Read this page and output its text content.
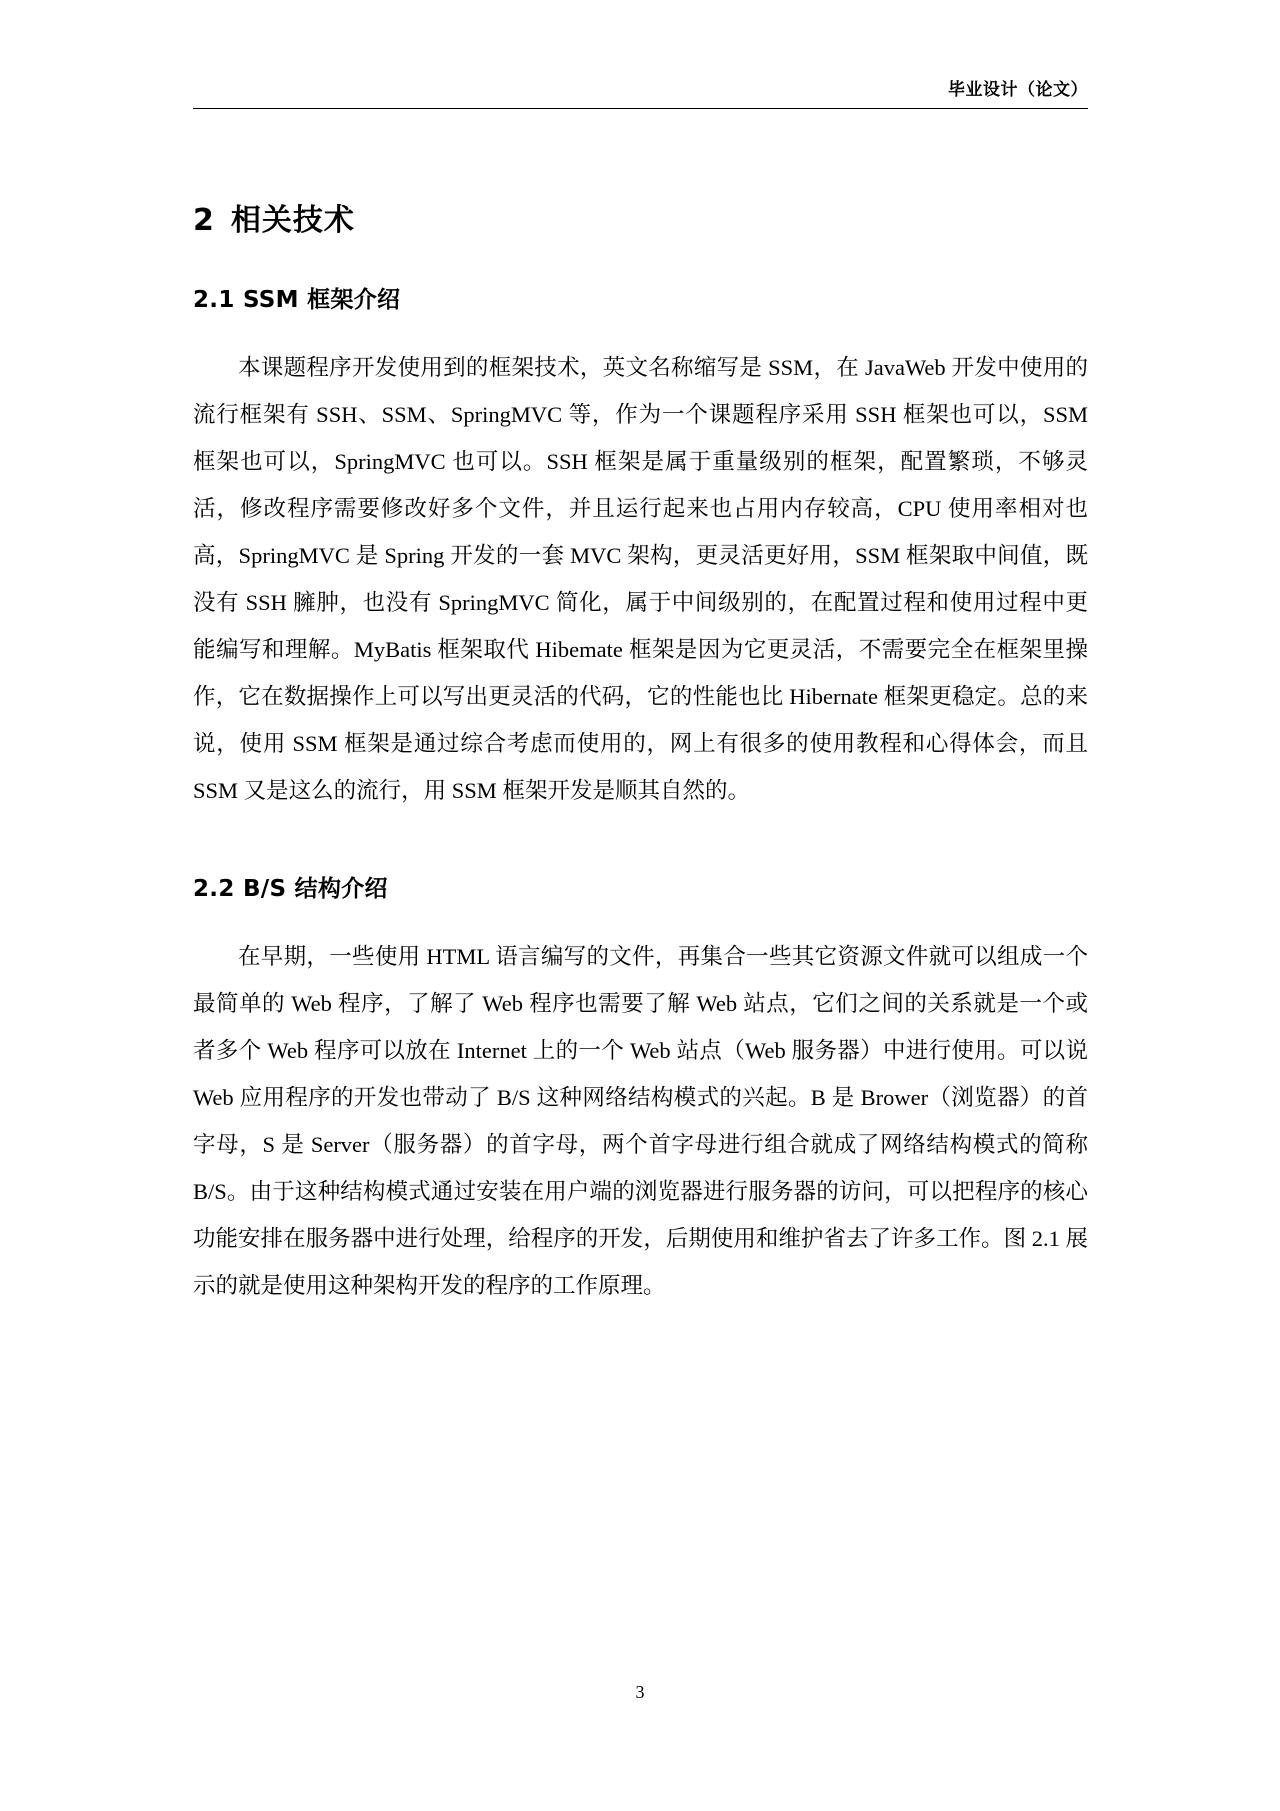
毕业设计（论文）
2 相关技术
2.1 SSM 框架介绍

本课题程序开发使用到的框架技术，英文名称缩写是 SSM，在 JavaWeb 开发中使用的流行框架有 SSH、SSM、SpringMVC 等，作为一个课题程序采用 SSH 框架也可以，SSM 框架也可以，SpringMVC 也可以。SSH 框架是属于重量级别的框架，配置繁琐，不够灵活，修改程序需要修改好多个文件，并且运行起来也占用内存较高，CPU 使用率相对也高，SpringMVC 是 Spring 开发的一套 MVC 架构，更灵活更好用，SSM 框架取中间值，既没有 SSH 臃肿，也没有 SpringMVC 简化，属于中间级别的，在配置过程和使用过程中更能编写和理解。MyBatis 框架取代 Hibemate 框架是因为它更灵活，不需要完全在框架里操作，它在数据操作上可以写出更灵活的代码，它的性能也比 Hibernate 框架更稳定。总的来说，使用 SSM 框架是通过综合考虑而使用的，网上有很多的使用教程和心得体会，而且 SSM 又是这么的流行，用 SSM 框架开发是顺其自然的。

2.2 B/S 结构介绍

在早期，一些使用 HTML 语言编写的文件，再集合一些其它资源文件就可以组成一个最简单的 Web 程序，了解了 Web 程序也需要了解 Web 站点，它们之间的关系就是一个或者多个 Web 程序可以放在 Internet 上的一个 Web 站点（Web 服务器）中进行使用。可以说 Web 应用程序的开发也带动了 B/S 这种网络结构模式的兴起。B 是 Brower（浏览器）的首字母，S 是 Server（服务器）的首字母，两个首字母进行组合就成了网络结构模式的简称 B/S。由于这种结构模式通过安装在用户端的浏览器进行服务器的访问，可以把程序的核心功能安排在服务器中进行处理，给程序的开发，后期使用和维护省去了许多工作。图 2.1 展示的就是使用这种架构开发的程序的工作原理。

3
